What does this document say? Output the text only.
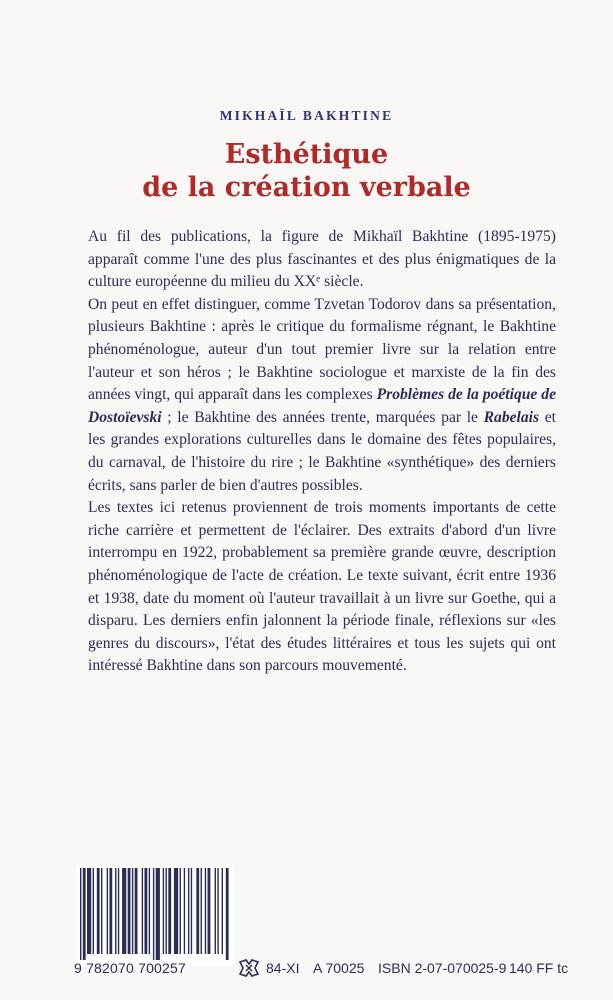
MIKHAÏL BAKHTINE
Esthétique
de la création verbale

Au fil des publications, la figure de Mikhaïl Bakhtine (1895-1975) apparaît comme l'une des plus fascinantes et des plus énigmatiques de la culture européenne du milieu du XXᵉ siècle.

On peut en effet distinguer, comme Tzvetan Todorov dans sa présentation, plusieurs Bakhtine : après le critique du formalisme régnant, le Bakhtine phénoménologue, auteur d'un tout premier livre sur la relation entre l'auteur et son héros ; le Bakhtine sociologue et marxiste de la fin des années vingt, qui apparaît dans les complexes Problèmes de la poétique de Dostoïevski ; le Bakhtine des années trente, marquées par le Rabelais et les grandes explorations culturelles dans le domaine des fêtes populaires, du carnaval, de l'histoire du rire ; le Bakhtine «synthétique» des derniers écrits, sans parler de bien d'autres possibles.

Les textes ici retenus proviennent de trois moments importants de cette riche carrière et permettent de l'éclairer. Des extraits d'abord d'un livre interrompu en 1922, probablement sa première grande œuvre, description phénoménologique de l'acte de création. Le texte suivant, écrit entre 1936 et 1938, date du moment où l'auteur travaillait à un livre sur Goethe, qui a disparu. Les derniers enfin jalonnent la période finale, réflexions sur «les genres du discours», l'état des études littéraires et tous les sujets qui ont intéressé Bakhtine dans son parcours mouvementé.

9 782070 700257	84-XI A 70025 ISBN 2-07-070025-9 140 FF tc
